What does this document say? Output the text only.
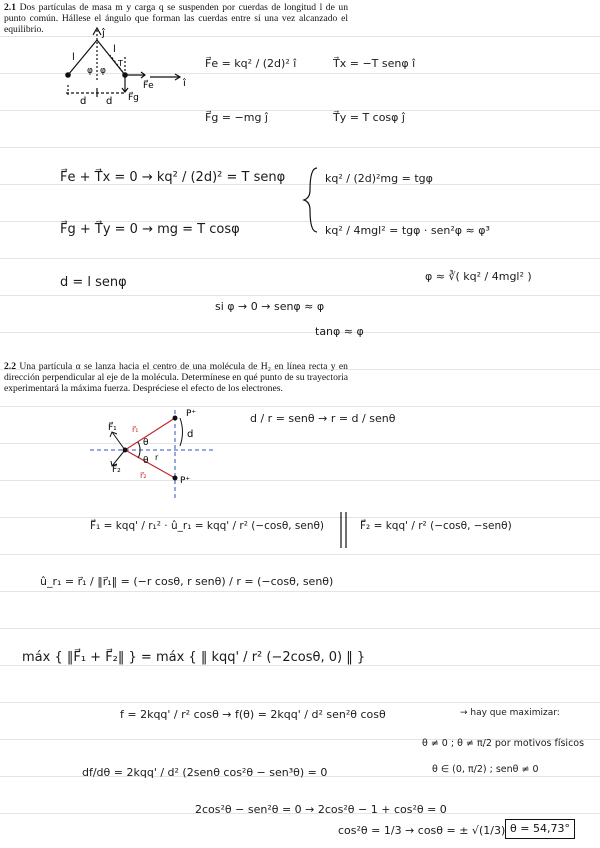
2.1 Dos partículas de masa m y carga q se suspenden por cuerdas de longitud l de un punto común. Hállese el ángulo que forman las cuerdas entre sí una vez alcanzado el equilibrio.	ĵ
î
l
l
φ φ
T
F⃗e
F⃗g
d d
P⁺
P⁺
d
F⃗₁
F⃗₂
θ
θ
r⃗₁
r
r⃗₂
F⃗e = kq² / (2d)² î	T⃗x = −T senφ î
F⃗g = −mg ĵ	T⃗y = T cosφ ĵ
F⃗e + T⃗x = 0 → kq² / (2d)² = T senφ
F⃗g + T⃗y = 0 → mg = T cosφ
kq² / (2d)²mg = tgφ
kq² / 4mgl² = tgφ · sen²φ ≈ φ³
d = l senφ	φ ≈ ∛( kq² / 4mgl² )
si φ → 0 → senφ ≈ φ
tanφ ≈ φ
2.2 Una partícula α se lanza hacia el centro de una molécula de H₂ en línea recta y en dirección perpendicular al eje de la molécula. Determínese en qué punto de su trayectoria experimentará la máxima fuerza. Despréciese el efecto de los electrones.
d / r = senθ → r = d / senθ
F⃗₁ = kqq' / r₁² · û_r₁ = kqq' / r² (−cosθ, senθ)	F⃗₂ = kqq' / r² (−cosθ, −senθ)
û_r₁ = r⃗₁ / ‖r⃗₁‖ = (−r cosθ, r senθ) / r = (−cosθ, senθ)
máx { ‖F⃗₁ + F⃗₂‖ } = máx { ‖ kqq' / r² (−2cosθ, 0) ‖ }
f = 2kqq' / r² cosθ → f(θ) = 2kqq' / d² sen²θ cosθ	→ hay que maximizar:
θ ≠ 0 ; θ ≠ π/2 por motivos físicos
θ ∈ (0, π/2) ; senθ ≠ 0
df/dθ = 2kqq' / d² (2senθ cos²θ − sen³θ) = 0
2cos²θ − sen²θ = 0 → 2cos²θ − 1 + cos²θ = 0
cos²θ = 1/3 → cosθ = ± √(1/3) θ = 54,73°
